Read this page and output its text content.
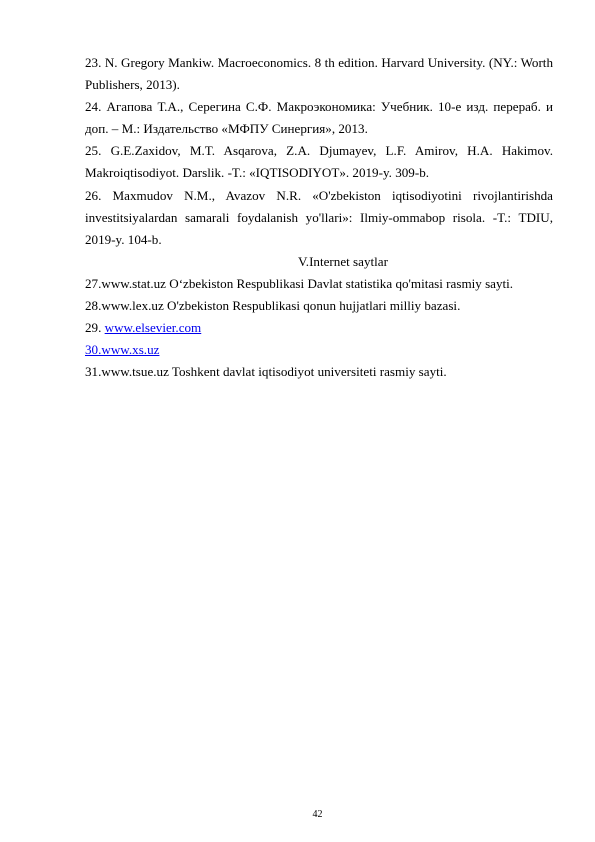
23. N. Gregory Mankiw. Macroeconomics. 8 th edition. Harvard University. (NY.: Worth Publishers, 2013).

24. Агапова Т.А., Серегина С.Ф. Макроэкономика: Учебник. 10-е изд. перераб. и доп. – М.: Издательство «МФПУ Синергия», 2013.

25. G.E.Zaxidov, M.T. Asqarova, Z.A. Djumayev, L.F. Amirov, H.A. Hakimov. Makroiqtisodiyot. Darslik. -T.: «IQTISODIYOT». 2019-y. 309-b.

26. Maxmudov N.M., Avazov N.R. «O'zbekiston iqtisodiyotini rivojlantirishda investitsiyalardan samarali foydalanish yo'llari»: Ilmiy-ommabop risola. -T.: TDIU, 2019-y. 104-b.

V.Internet saytlar

27.www.stat.uz O‘zbekiston Respublikasi Davlat statistika qo'mitasi rasmiy sayti.

28.www.lex.uz O'zbekiston Respublikasi qonun hujjatlari milliy bazasi.

29. www.elsevier.com

30.www.xs.uz

31.www.tsue.uz Toshkent davlat iqtisodiyot universiteti rasmiy sayti.

42
